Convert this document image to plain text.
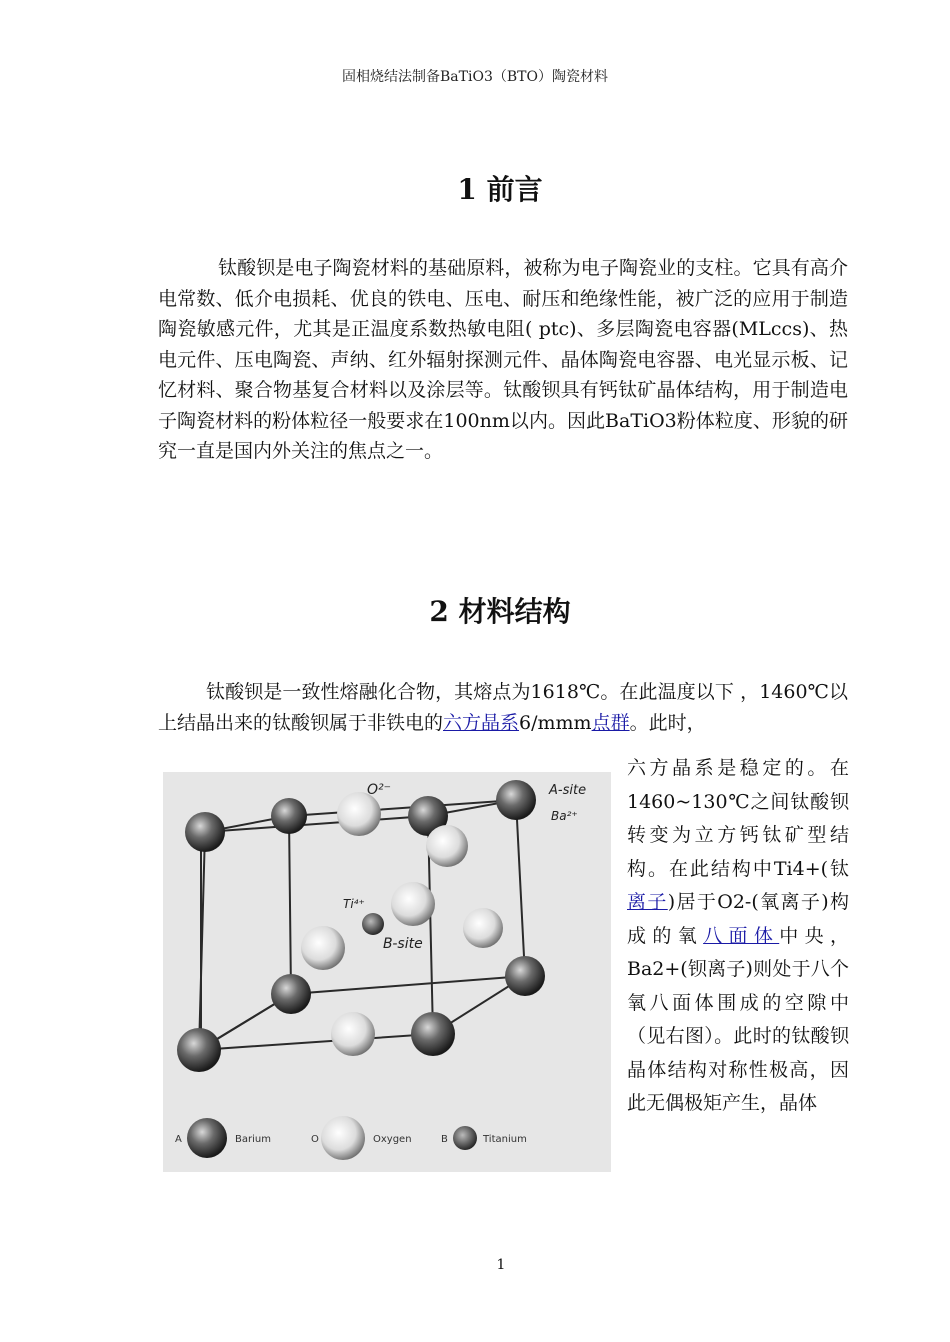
固相烧结法制备BaTiO3（BTO）陶瓷材料
1 前言

钛酸钡是电子陶瓷材料的基础原料，被称为电子陶瓷业的支柱。它具有高介电常数、低介电损耗、优良的铁电、压电、耐压和绝缘性能，被广泛的应用于制造陶瓷敏感元件，尤其是正温度系数热敏电阻( ptc)、多层陶瓷电容器(MLccs)、热电元件、压电陶瓷、声纳、红外辐射探测元件、晶体陶瓷电容器、电光显示板、记忆材料、聚合物基复合材料以及涂层等。钛酸钡具有钙钛矿晶体结构，用于制造电子陶瓷材料的粉体粒径一般要求在100nm以内。因此BaTiO3粉体粒度、形貌的研究一直是国内外关注的焦点之一。

2 材料结构

钛酸钡是一致性熔融化合物，其熔点为1618℃。在此温度以下 ，1460℃以上结晶出来的钛酸钡属于非铁电的六方晶系6/mmm点群。此时，

六方晶系是稳定的。在1460~130℃之间钛酸钡转变为立方钙钛矿型结构。在此结构中Ti4+(钛离子)居于O2-(氧离子)构成的氧八面体中央，Ba2+(钡离子)则处于八个氧八面体围成的空隙中（见右图）。此时的钛酸钡晶体结构对称性极高，因此无偶极矩产生，晶体

O²⁻	A-site
Ba²⁺
Ti⁴⁺
B-site
A	Barium	O	Oxygen	B	Titanium
1
